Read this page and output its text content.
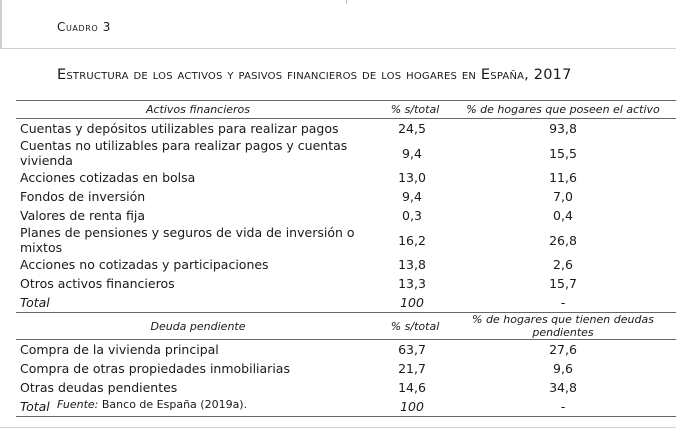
Cuadro 3
Estructura de los activos y pasivos financieros de los hogares en España, 2017
Activos financieros	% s/total	% de hogares que poseen el activo
Cuentas y depósitos utilizables para realizar pagos	24,5	93,8
Cuentas no utilizables para realizar pagos y cuentas vivienda	9,4	15,5
Acciones cotizadas en bolsa	13,0	11,6
Fondos de inversión	9,4	7,0
Valores de renta fija	0,3	0,4
Planes de pensiones y seguros de vida de inversión o mixtos	16,2	26,8
Acciones no cotizadas y participaciones	13,8	2,6
Otros activos financieros	13,3	15,7
Total	100	-
Deuda pendiente	% s/total	% de hogares que tienen deudas pendientes
Compra de la vivienda principal	63,7	27,6
Compra de otras propiedades inmobiliarias	21,7	9,6
Otras deudas pendientes	14,6	34,8
Total	100	-
Fuente: Banco de España (2019a).
